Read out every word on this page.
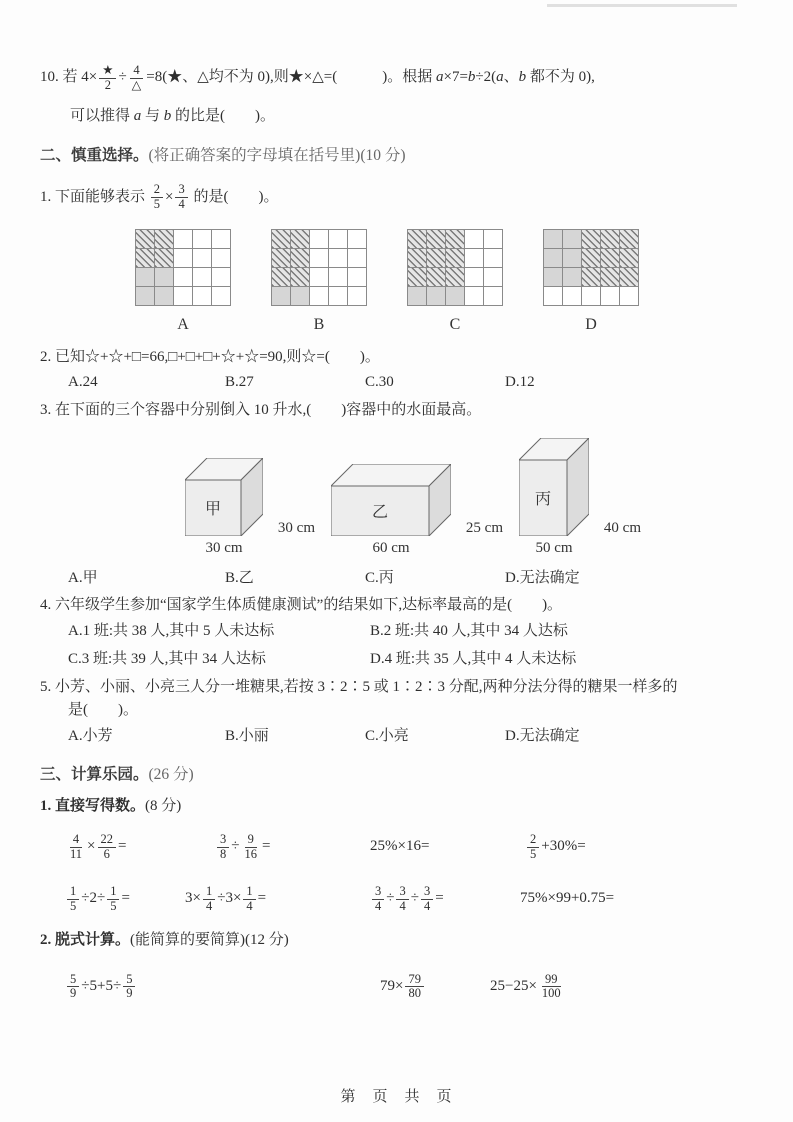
10. 若 $4\times \frac{★}{2} \div \frac{4}{\triangle}$ =8(★、△均不为 0),则★×△=(　　　)。根据 a ×7= b ÷2( a 、 b 都不为 0),
可以推得 a 与 b 的比是(　　)。
二、慎重选择。(将正确答案的字母填在括号里)(10 分)
1. 下面能够表示 $\frac{2}{5} \times \frac{3}{4}$ 的是(　　)。
A	B	C	D
2. 已知☆+☆+□=66,□+□+□+☆+☆=90,则☆=(　　)。
A.24	B.27	C.30	D.12
3. 在下面的三个容器中分别倒入 10 升水,(　　)容器中的水面最高。
甲
30 cm
30 cm
乙
25 cm
60 cm
丙
40 cm
50 cm
A.甲	B.乙	C.丙	D.无法确定
4. 六年级学生参加“国家学生体质健康测试”的结果如下,达标率最高的是(　　)。
A.1 班:共 38 人,其中 5 人未达标	B.2 班:共 40 人,其中 34 人达标
C.3 班:共 39 人,其中 34 人达标	D.4 班:共 35 人,其中 4 人未达标
5. 小芳、小丽、小亮三人分一堆糖果,若按 3∶2∶5 或 1∶2∶3 分配,两种分法分得的糖果一样多的
是(　　)。
A.小芳	B.小丽	C.小亮	D.无法确定
三、计算乐园。(26 分)
1. 直接写得数。(8 分)
$\frac{4}{11} \times \frac{22}{6}$ =	$\frac{3}{8} \div \frac{9}{16}$ =	25%×16=	$\frac{2}{5} +30\%=$
$\frac{1}{5} \div 2\div \frac{1}{5}$ =	$3\times \frac{1}{4} \div 3\times \frac{1}{4}$ =	$\frac{3}{4} \div \frac{3}{4} \div \frac{3}{4}$ =	75%×99+0.75=
2. 脱式计算。(能简算的要简算)(12 分)
$\frac{5}{9} \div 5+5\div \frac{5}{9}$	$79\times \frac{79}{80}$	$25-25\times \frac{99}{100}$
第　页　共　页
